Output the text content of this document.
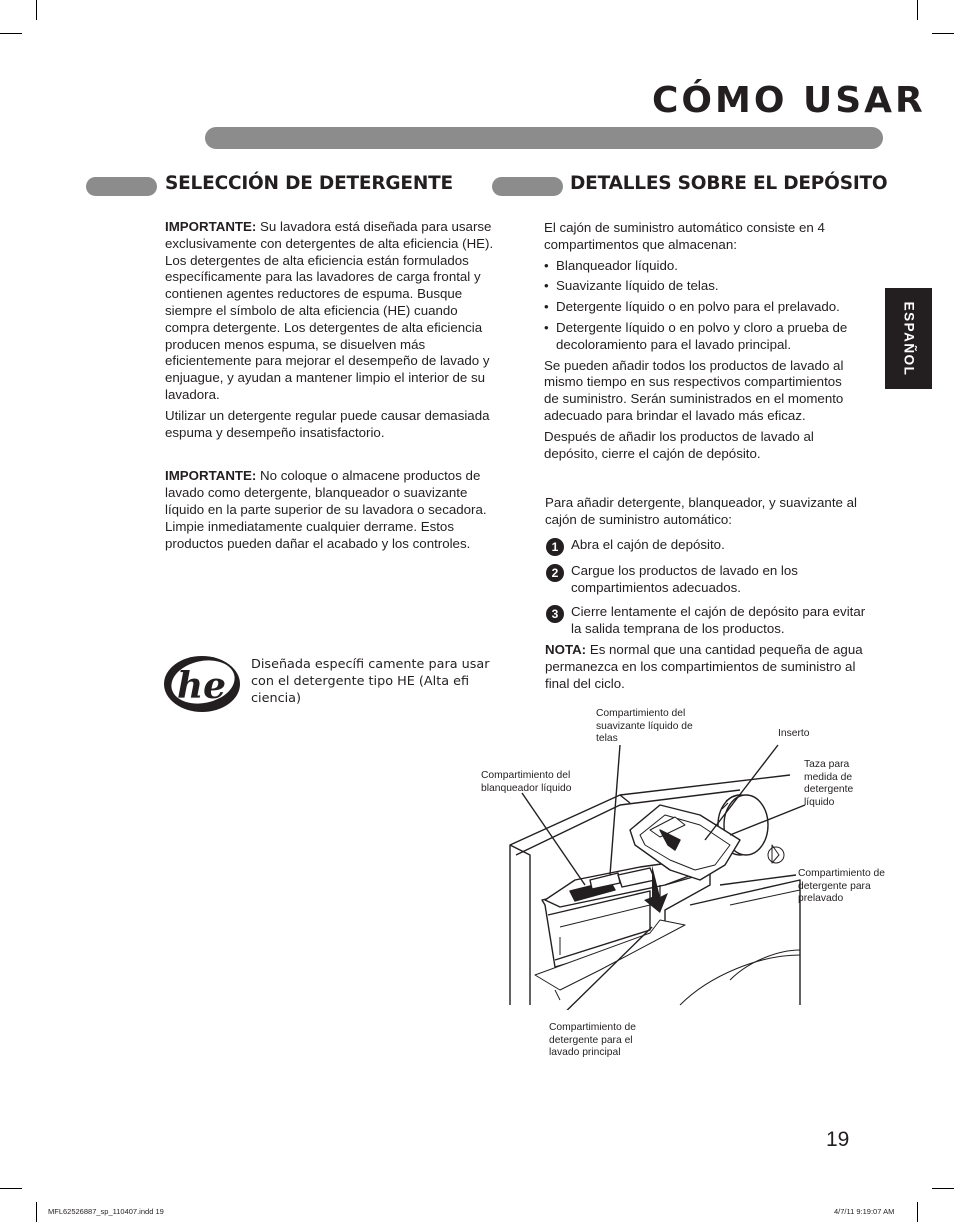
CÓMO USAR
ESPAÑOL
SELECCIÓN DE DETERGENTE

IMPORTANTE: Su lavadora está diseñada para usarse exclusivamente con detergentes de alta eficiencia (HE). Los detergentes de alta eficiencia están formulados específicamente para las lavadores de carga frontal y contienen agentes reductores de espuma. Busque siempre el símbolo de alta eficiencia (HE) cuando compra detergente. Los detergentes de alta eficiencia producen menos espuma, se disuelven más eficientemente para mejorar el desempeño de lavado y enjuague, y ayudan a mantener limpio el interior de su lavadora.

Utilizar un detergente regular puede causar demasiada espuma y desempeño insatisfactorio.

IMPORTANTE: No coloque o almacene productos de lavado como detergente, blanqueador o suavizante líquido en la parte superior de su lavadora o secadora. Limpie inmediatamente cualquier derrame. Estos productos pueden dañar el acabado y los controles.

he
Diseñada específi camente para usar con el detergente tipo HE (Alta efi ciencia)
DETALLES SOBRE EL DEPÓSITO

El cajón de suministro automático consiste en 4 compartimentos que almacenan:

• Blanqueador líquido.
• Suavizante líquido de telas.
• Detergente líquido o en polvo para el prelavado.
• Detergente líquido o en polvo y cloro a prueba de decoloramiento para el lavado principal.

Se pueden añadir todos los productos de lavado al mismo tiempo en sus respectivos compartimientos de suministro. Serán suministrados en el momento adecuado para brindar el lavado más eficaz.

Después de añadir los productos de lavado al depósito, cierre el cajón de depósito.

Para añadir detergente, blanqueador, y suavizante al cajón de suministro automático:
1 Abra el cajón de depósito.
2 Cargue los productos de lavado en los compartimientos adecuados.
3 Cierre lentamente el cajón de depósito para evitar la salida temprana de los productos.
NOTA: Es normal que una cantidad pequeña de agua permanezca en los compartimientos de suministro al final del ciclo.
Compartimiento del suavizante líquido de telas	Inserto
Taza para medida de detergente líquido
Compartimiento del blanqueador líquido
Compartimiento de detergente para prelavado
Compartimiento de detergente para el lavado principal
19
MFL62526887_sp_110407.indd 19	4/7/11 9:19:07 AM
